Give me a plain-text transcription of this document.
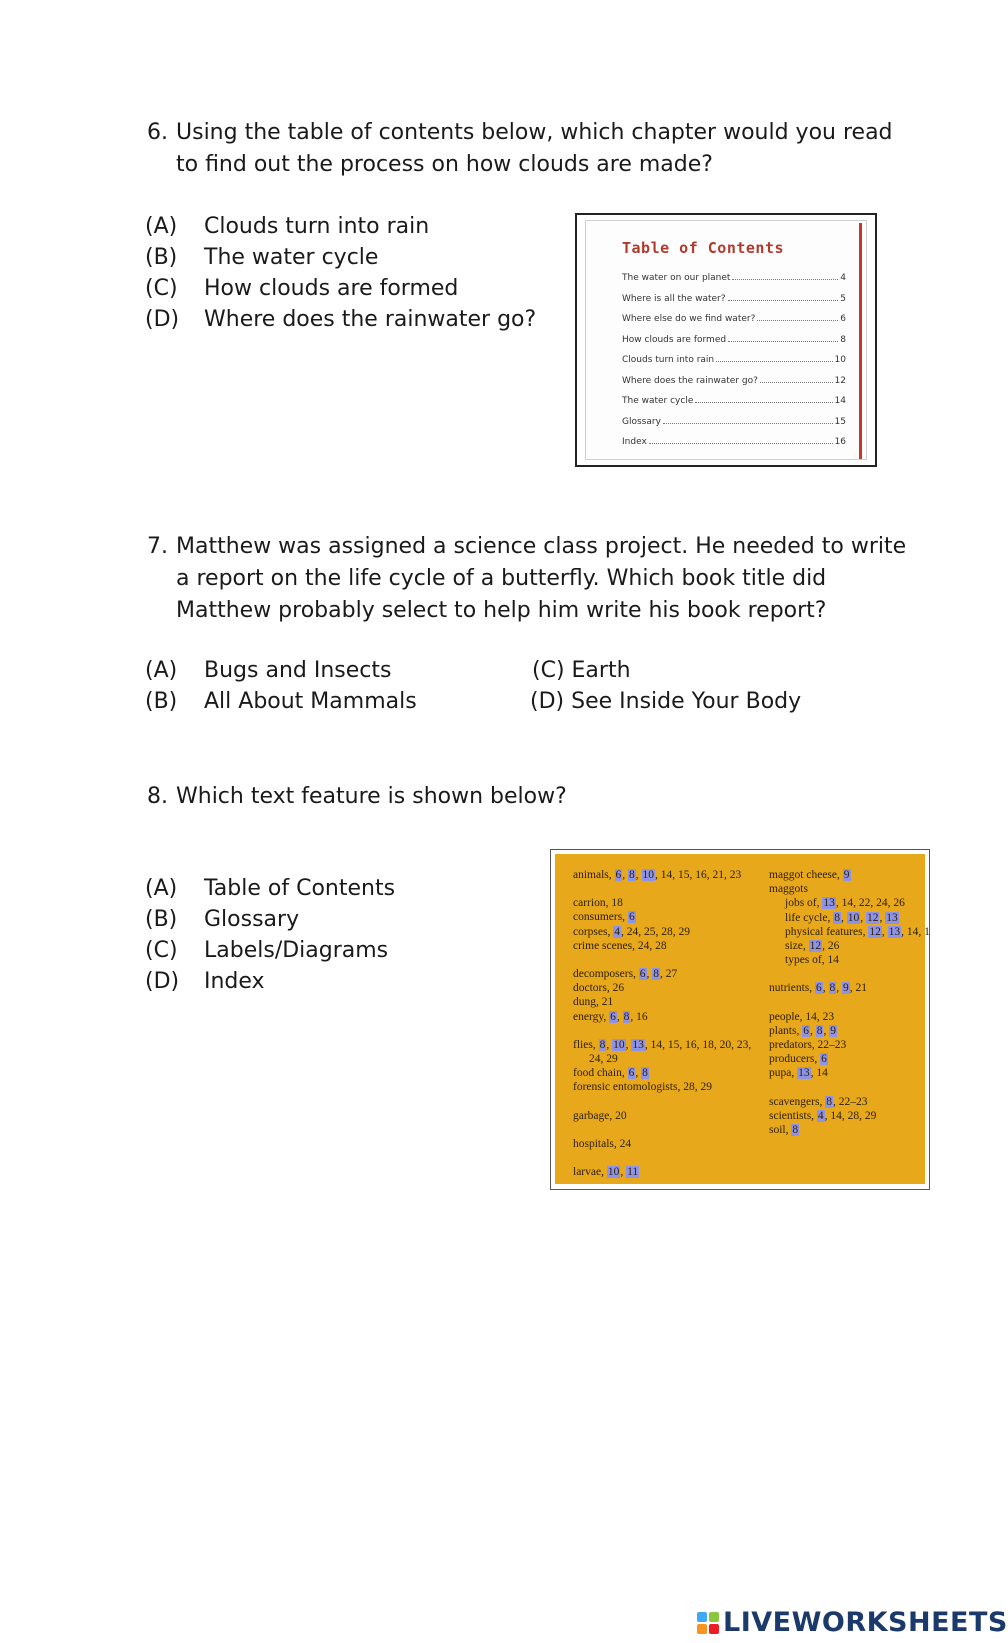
6. Using the table of contents below, which chapter would you read
to find out the process on how clouds are made?
(A) Clouds turn into rain
(B) The water cycle
(C) How clouds are formed
(D) Where does the rainwater go?
Table of Contents
The water on our planet	4
Where is all the water?	5
Where else do we find water?	6
How clouds are formed	8
Clouds turn into rain	10
Where does the rainwater go?	12
The water cycle	14
Glossary	15
Index	16
7. Matthew was assigned a science class project. He needed to write
a report on the life cycle of a butterfly. Which book title did
Matthew probably select to help him write his book report?
(A) Bugs and Insects
(B) All About Mammals
(C) Earth
(D) See Inside Your Body
8. Which text feature is shown below?
(A) Table of Contents
(B) Glossary
(C) Labels/Diagrams
(D) Index
animals, 6, 8, 10, 14, 15, 16, 21, 23
carrion, 18
consumers, 6
corpses, 4, 24, 25, 28, 29
crime scenes, 24, 28
decomposers, 6, 8, 27
doctors, 26
dung, 21
energy, 6, 8, 16
flies, 8, 10, 13, 14, 15, 16, 18, 20, 23,
24, 29
food chain, 6, 8
forensic entomologists, 28, 29
garbage, 20
hospitals, 24
larvae, 10, 11
maggot cheese, 9
maggots
jobs of, 13, 14, 22, 24, 26
life cycle, 8, 10, 12, 13
physical features, 12, 13, 14, 1
size, 12, 26
types of, 14
nutrients, 6, 8, 9, 21
people, 14, 23
plants, 6, 8, 9
predators, 22–23
producers, 6
pupa, 13, 14
scavengers, 8, 22–23
scientists, 4, 14, 28, 29
soil, 8
LIVEWORKSHEETS
